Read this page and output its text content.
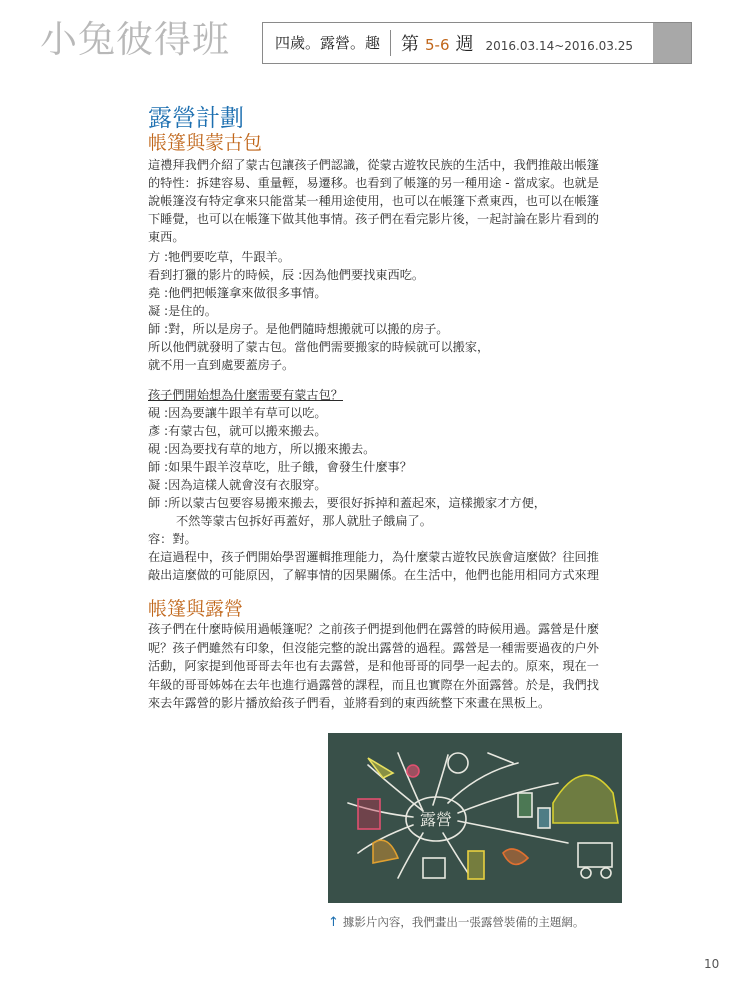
小兔彼得班	四歲。露營。趣	第 5-6 週 2016.03.14~2016.03.25
露營計劃
帳篷與蒙古包

這禮拜我們介紹了蒙古包讓孩子們認識，從蒙古遊牧民族的生活中，我們推敲出帳篷

的特性：拆建容易、重量輕，易遷移。也看到了帳篷的另一種用途 - 當成家。也就是

說帳篷沒有特定拿來只能當某一種用途使用，也可以在帳篷下煮東西，也可以在帳篷

下睡覺，也可以在帳篷下做其他事情。孩子們在看完影片後，一起討論在影片看到的

東西。

方 :牠們要吃草，牛跟羊。

看到打獵的影片的時候，辰 :因為他們要找東西吃。

堯 :他們把帳篷拿來做很多事情。

凝 :是住的。

師 :對，所以是房子。是他們隨時想搬就可以搬的房子。

所以他們就發明了蒙古包。當他們需要搬家的時候就可以搬家，

就不用一直到處要蓋房子。

孩子們開始想為什麼需要有蒙古包？

硯 :因為要讓牛跟羊有草可以吃。

彥 :有蒙古包，就可以搬來搬去。

硯 :因為要找有草的地方，所以搬來搬去。

師 :如果牛跟羊沒草吃，肚子餓，會發生什麼事？

凝 :因為這樣人就會沒有衣服穿。

師 :所以蒙古包要容易搬來搬去，要很好拆掉和蓋起來，這樣搬家才方便，

不然等蒙古包拆好再蓋好，那人就肚子餓扁了。

容：對。

在這過程中，孩子們開始學習邏輯推理能力，為什麼蒙古遊牧民族會這麼做？往回推

敲出這麼做的可能原因，了解事情的因果關係。在生活中，他們也能用相同方式來理

帳篷與露營

孩子們在什麼時候用過帳篷呢？之前孩子們提到他們在露營的時候用過。露營是什麼

呢？孩子們雖然有印象，但沒能完整的說出露營的過程。露營是一種需要過夜的户外

活動，阿家提到他哥哥去年也有去露營，是和他哥哥的同學一起去的。原來，現在一

年級的哥哥姊姊在去年也進行過露營的課程，而且也實際在外面露營。於是，我們找

來去年露營的影片播放給孩子們看，並將看到的東西統整下來畫在黑板上。

露營
↑ 據影片內容，我們畫出一張露營裝備的主題網。
10
